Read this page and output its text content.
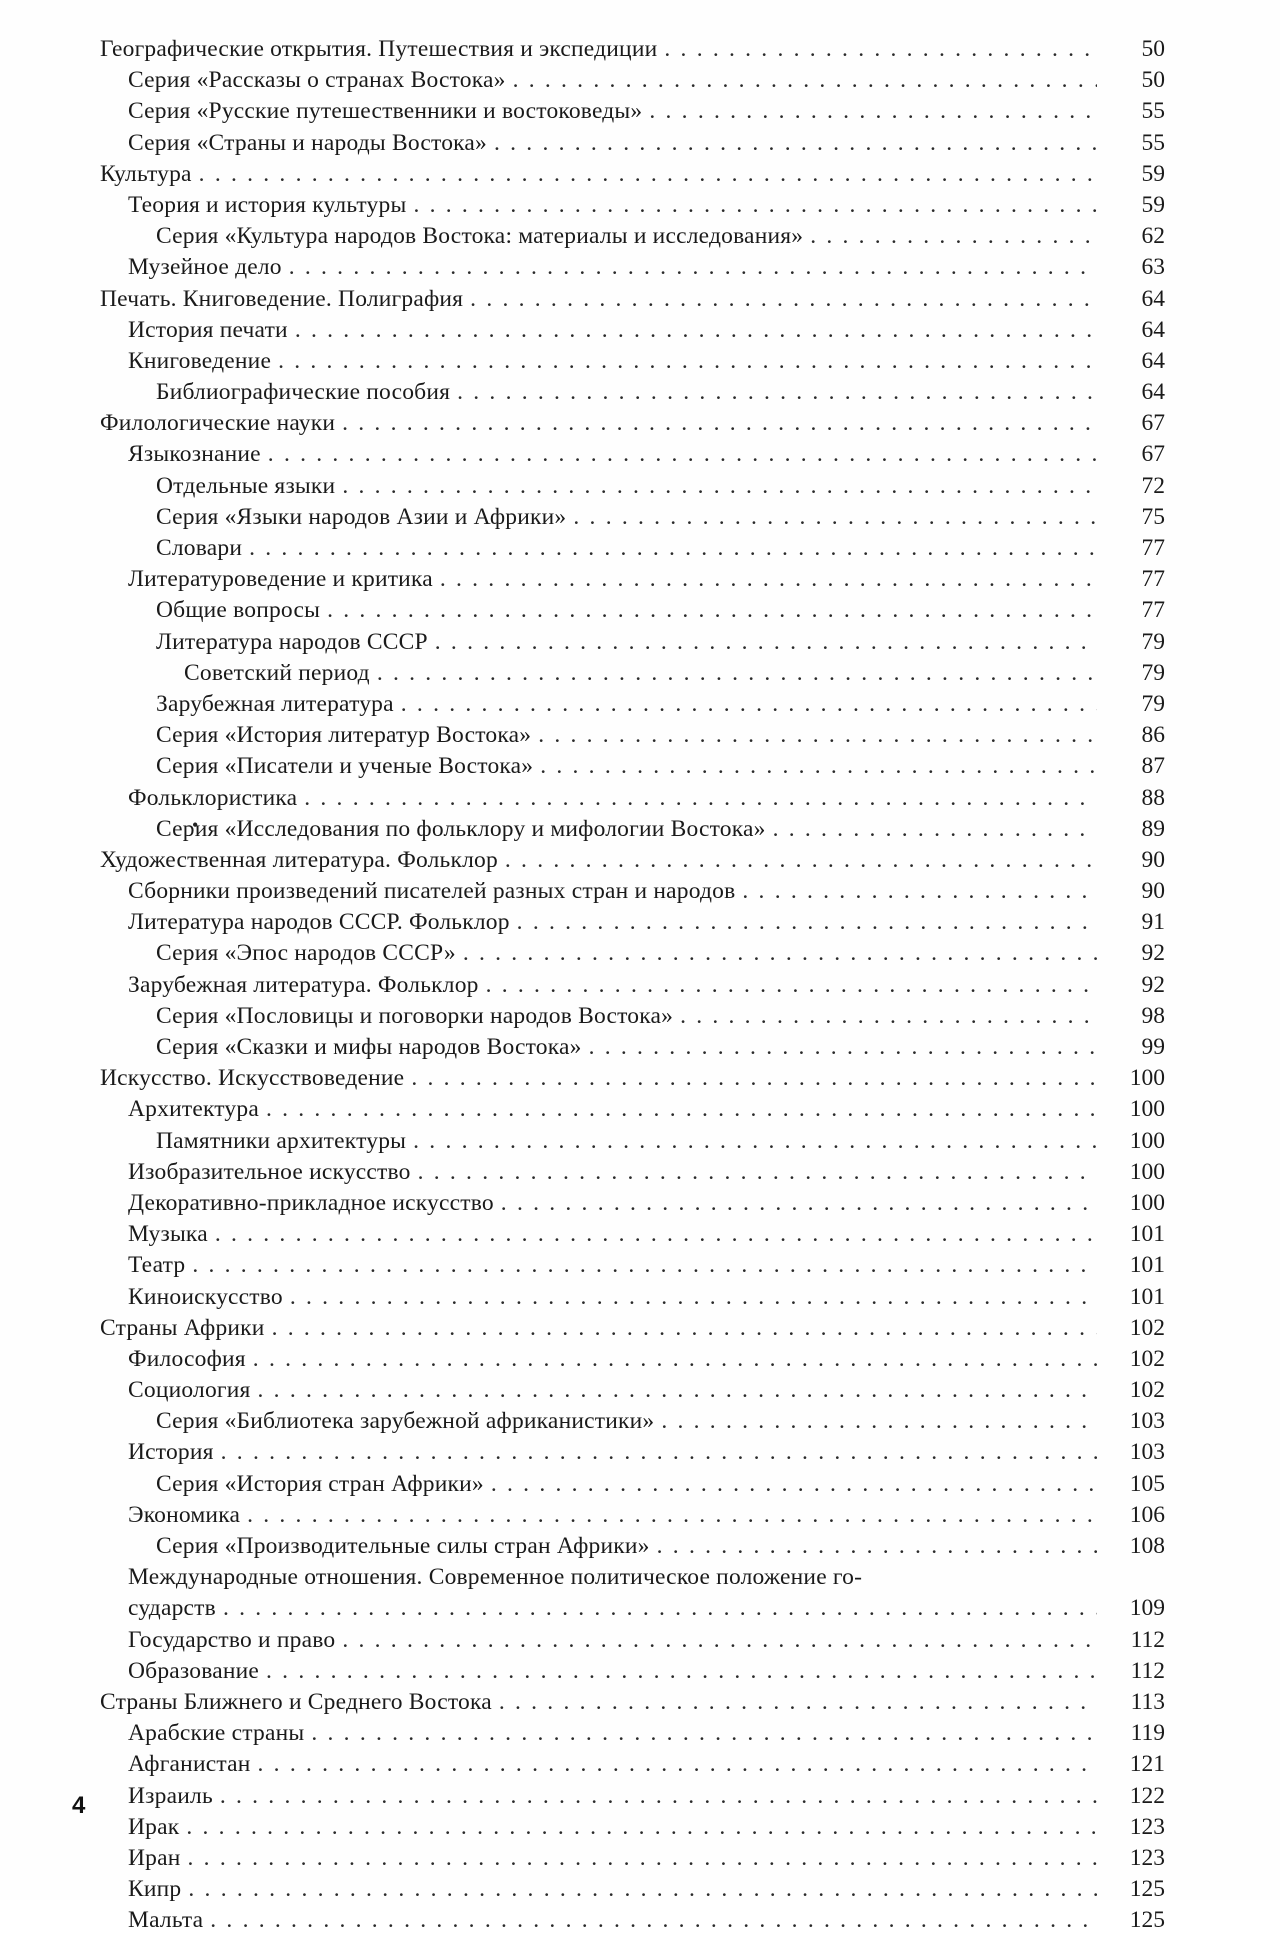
Географические открытия. Путешествия и экспедиции . . .	50
Серия «Рассказы о странах Востока» . . .	50
Серия «Русские путешественники и востоковеды» . . .	55
Серия «Страны и народы Востока» . . .	55
Культура . . .	59
Теория и история культуры . . .	59
Серия «Культура народов Востока: материалы и исследования» . . .	62
Музейное дело . . .	63
Печать. Книговедение. Полиграфия . . .	64
История печати . . .	64
Книговедение . . .	64
Библиографические пособия . . .	64
Филологические науки . . .	67
Языкознание . . .	67
Отдельные языки . . .	72
Серия «Языки народов Азии и Африки» . . .	75
Словари . . .	77
Литературоведение и критика . . .	77
Общие вопросы . . .	77
Литература народов СССР . . .	79
Советский период . . .	79
Зарубежная литература . . .	79
Серия «История литератур Востока» . . .	86
Серия «Писатели и ученые Востока» . . .	87
Фольклористика . . .	88
• Серия «Исследования по фольклору и мифологии Востока» . . .	89
Художественная литература. Фольклор . . .	90
Сборники произведений писателей разных стран и народов . . .	90
Литература народов СССР. Фольклор . . .	91
Серия «Эпос народов СССР» . . .	92
Зарубежная литература. Фольклор . . .	92
Серия «Пословицы и поговорки народов Востока» . . .	98
Серия «Сказки и мифы народов Востока» . . .	99
Искусство. Искусствоведение . . .	100
Архитектура . . .	100
Памятники архитектуры . . .	100
Изобразительное искусство . . .	100
Декоративно-прикладное искусство . . .	100
Музыка . . .	101
Театр . . .	101
Киноискусство . . .	101
Страны Африки . . .	102
Философия . . .	102
Социология . . .	102
Серия «Библиотека зарубежной африканистики» . . .	103
История . . .	103
Серия «История стран Африки» . . .	105
Экономика . . .	106
Серия «Производительные силы стран Африки» . . .	108
Международные отношения. Современное политическое положение го-
сударств . . .	109
Государство и право . . .	112
Образование . . .	112
Страны Ближнего и Среднего Востока . . .	113
Арабские страны . . .	119
Афганистан . . .	121
Израиль . . .	122
Ирак . . .	123
Иран . . .	123
Кипр . . .	125
Мальта . . .	125
4
